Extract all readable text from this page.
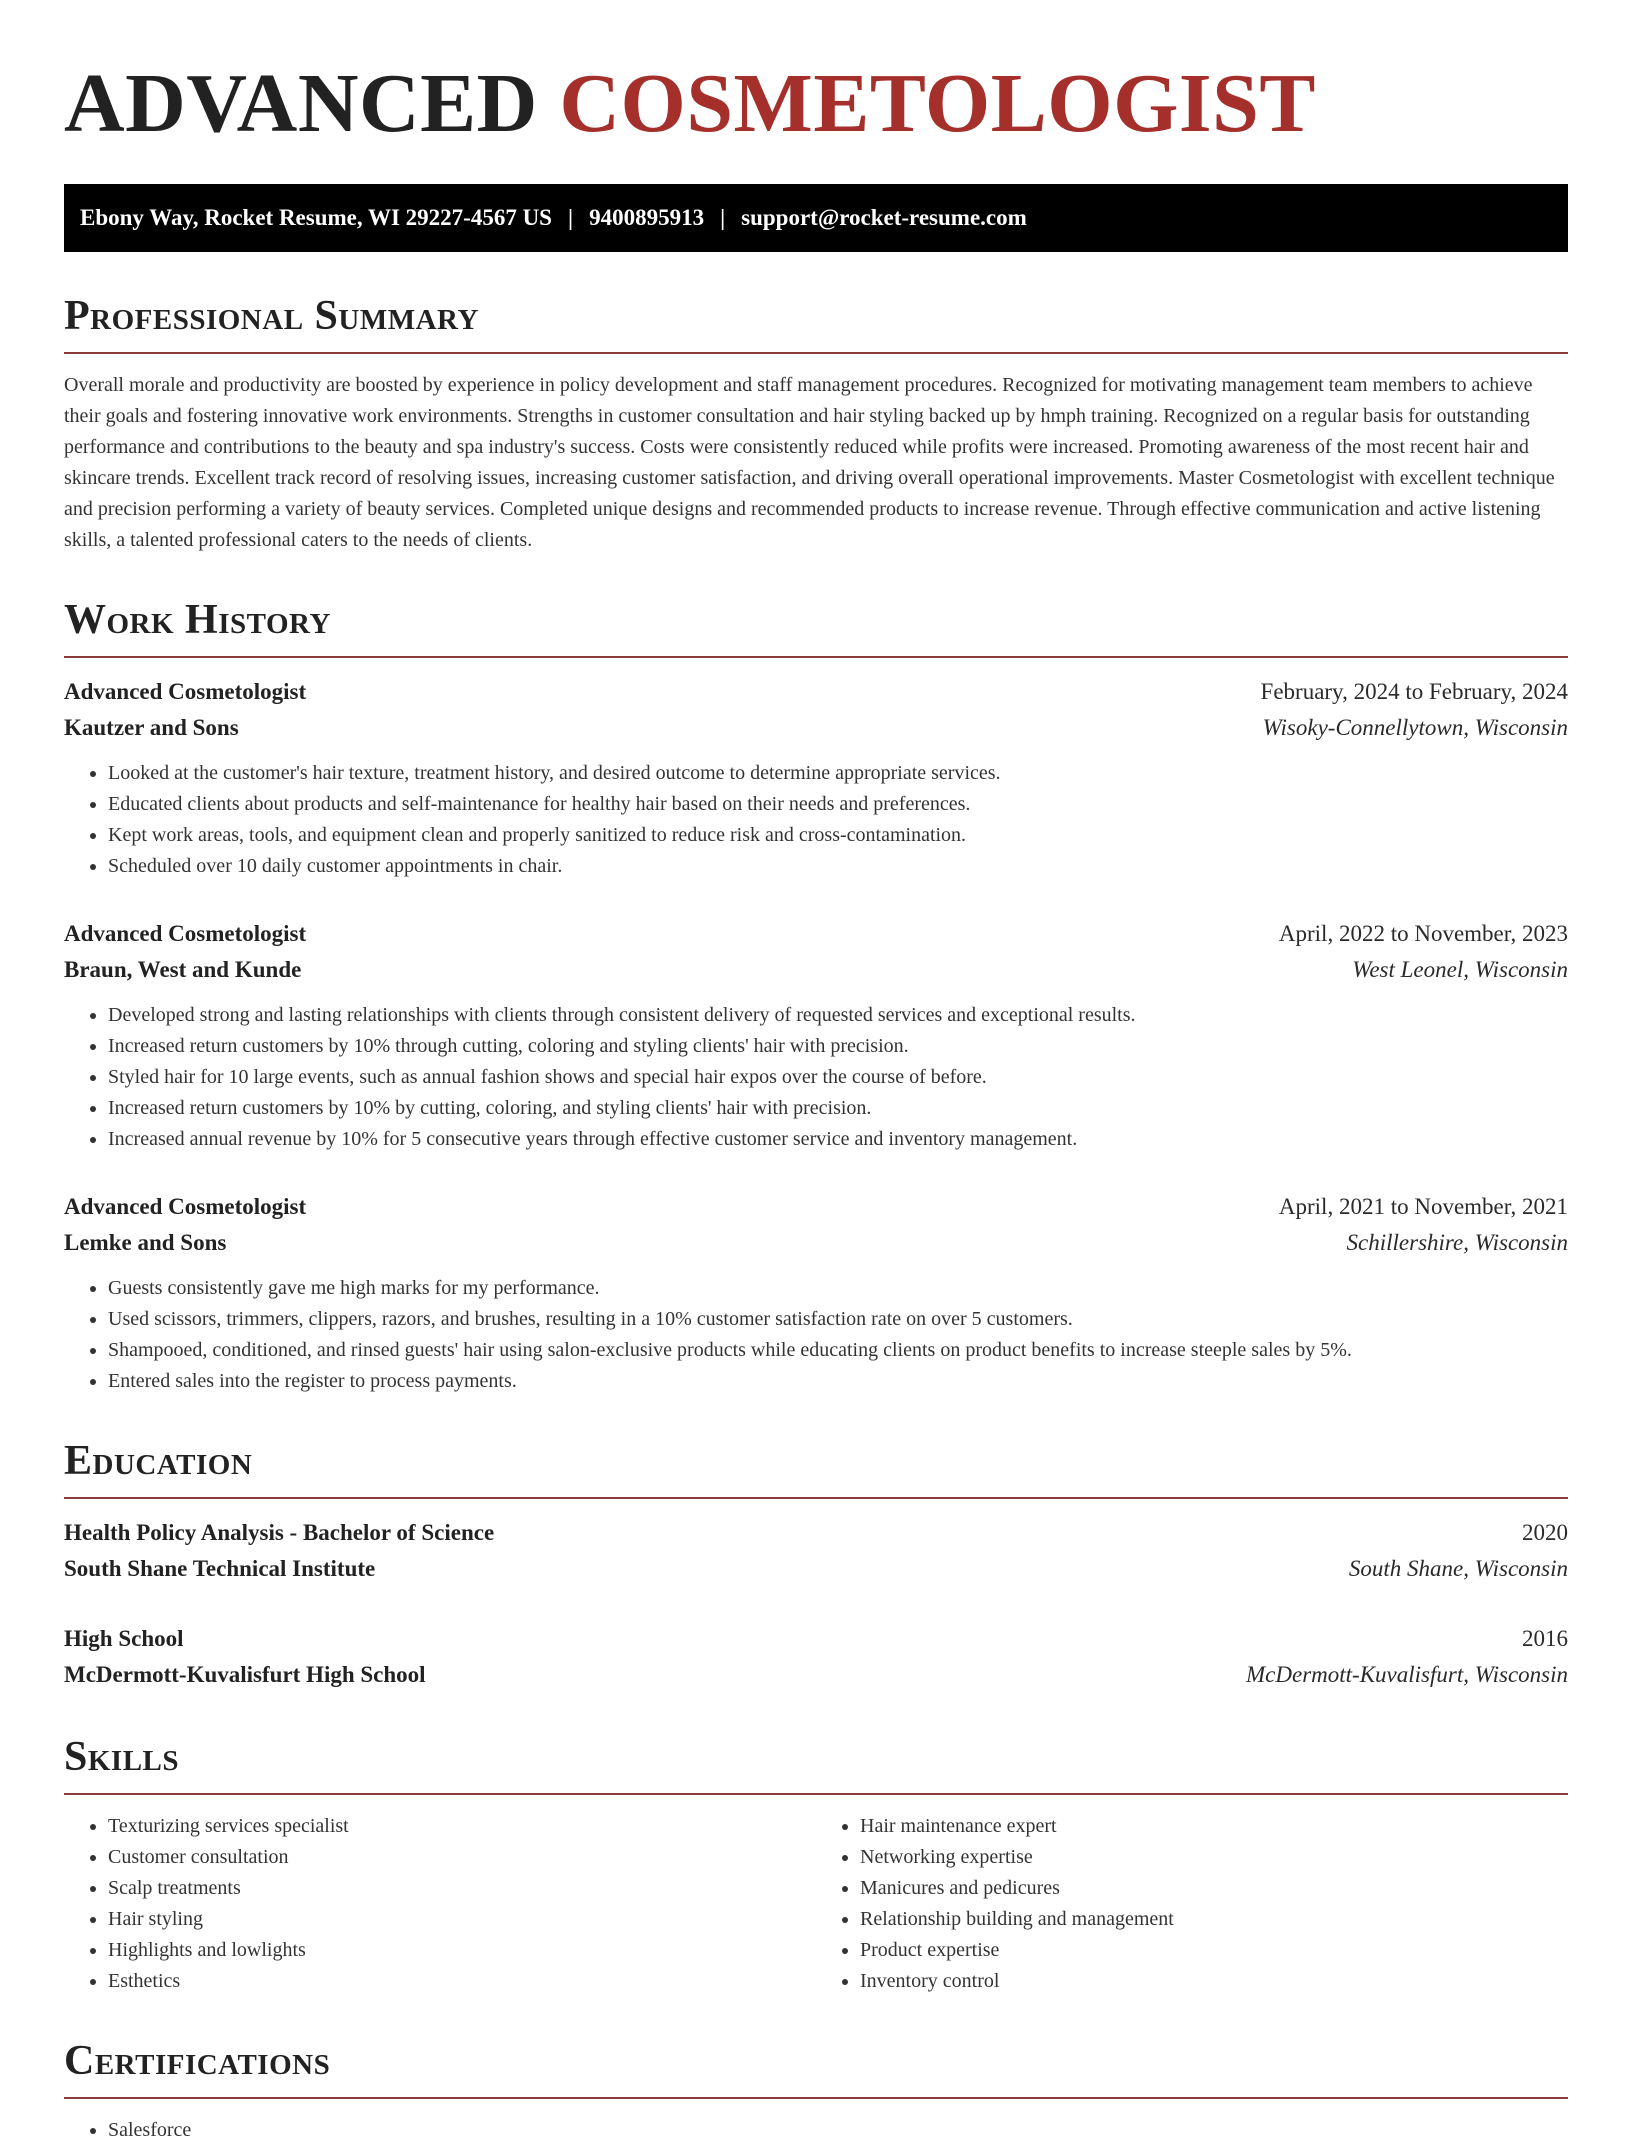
ADVANCED COSMETOLOGIST
Ebony Way, Rocket Resume, WI 29227-4567 US | 9400895913 | support@rocket-resume.com
Professional Summary

Overall morale and productivity are boosted by experience in policy development and staff management procedures. Recognized for motivating management team members to achieve their goals and fostering innovative work environments. Strengths in customer consultation and hair styling backed up by hmph training. Recognized on a regular basis for outstanding performance and contributions to the beauty and spa industry's success. Costs were consistently reduced while profits were increased. Promoting awareness of the most recent hair and skincare trends. Excellent track record of resolving issues, increasing customer satisfaction, and driving overall operational improvements. Master Cosmetologist with excellent technique and precision performing a variety of beauty services. Completed unique designs and recommended products to increase revenue. Through effective communication and active listening skills, a talented professional caters to the needs of clients.

Work History
Advanced Cosmetologist	February, 2024 to February, 2024
Kautzer and Sons	Wisoky-Connellytown, Wisconsin
• Looked at the customer's hair texture, treatment history, and desired outcome to determine appropriate services.
• Educated clients about products and self-maintenance for healthy hair based on their needs and preferences.
• Kept work areas, tools, and equipment clean and properly sanitized to reduce risk and cross-contamination.
• Scheduled over 10 daily customer appointments in chair.
Advanced Cosmetologist	April, 2022 to November, 2023
Braun, West and Kunde	West Leonel, Wisconsin
• Developed strong and lasting relationships with clients through consistent delivery of requested services and exceptional results.
• Increased return customers by 10% through cutting, coloring and styling clients' hair with precision.
• Styled hair for 10 large events, such as annual fashion shows and special hair expos over the course of before.
• Increased return customers by 10% by cutting, coloring, and styling clients' hair with precision.
• Increased annual revenue by 10% for 5 consecutive years through effective customer service and inventory management.
Advanced Cosmetologist	April, 2021 to November, 2021
Lemke and Sons	Schillershire, Wisconsin
• Guests consistently gave me high marks for my performance.
• Used scissors, trimmers, clippers, razors, and brushes, resulting in a 10% customer satisfaction rate on over 5 customers.
• Shampooed, conditioned, and rinsed guests' hair using salon-exclusive products while educating clients on product benefits to increase steeple sales by 5%.
• Entered sales into the register to process payments.
Education
Health Policy Analysis - Bachelor of Science	2020
South Shane Technical Institute	South Shane, Wisconsin
High School	2016
McDermott-Kuvalisfurt High School	McDermott-Kuvalisfurt, Wisconsin
Skills
• Texturizing services specialist
• Customer consultation
• Scalp treatments
• Hair styling
• Highlights and lowlights
• Esthetics
• Hair maintenance expert
• Networking expertise
• Manicures and pedicures
• Relationship building and management
• Product expertise
• Inventory control
Certifications
• Salesforce
